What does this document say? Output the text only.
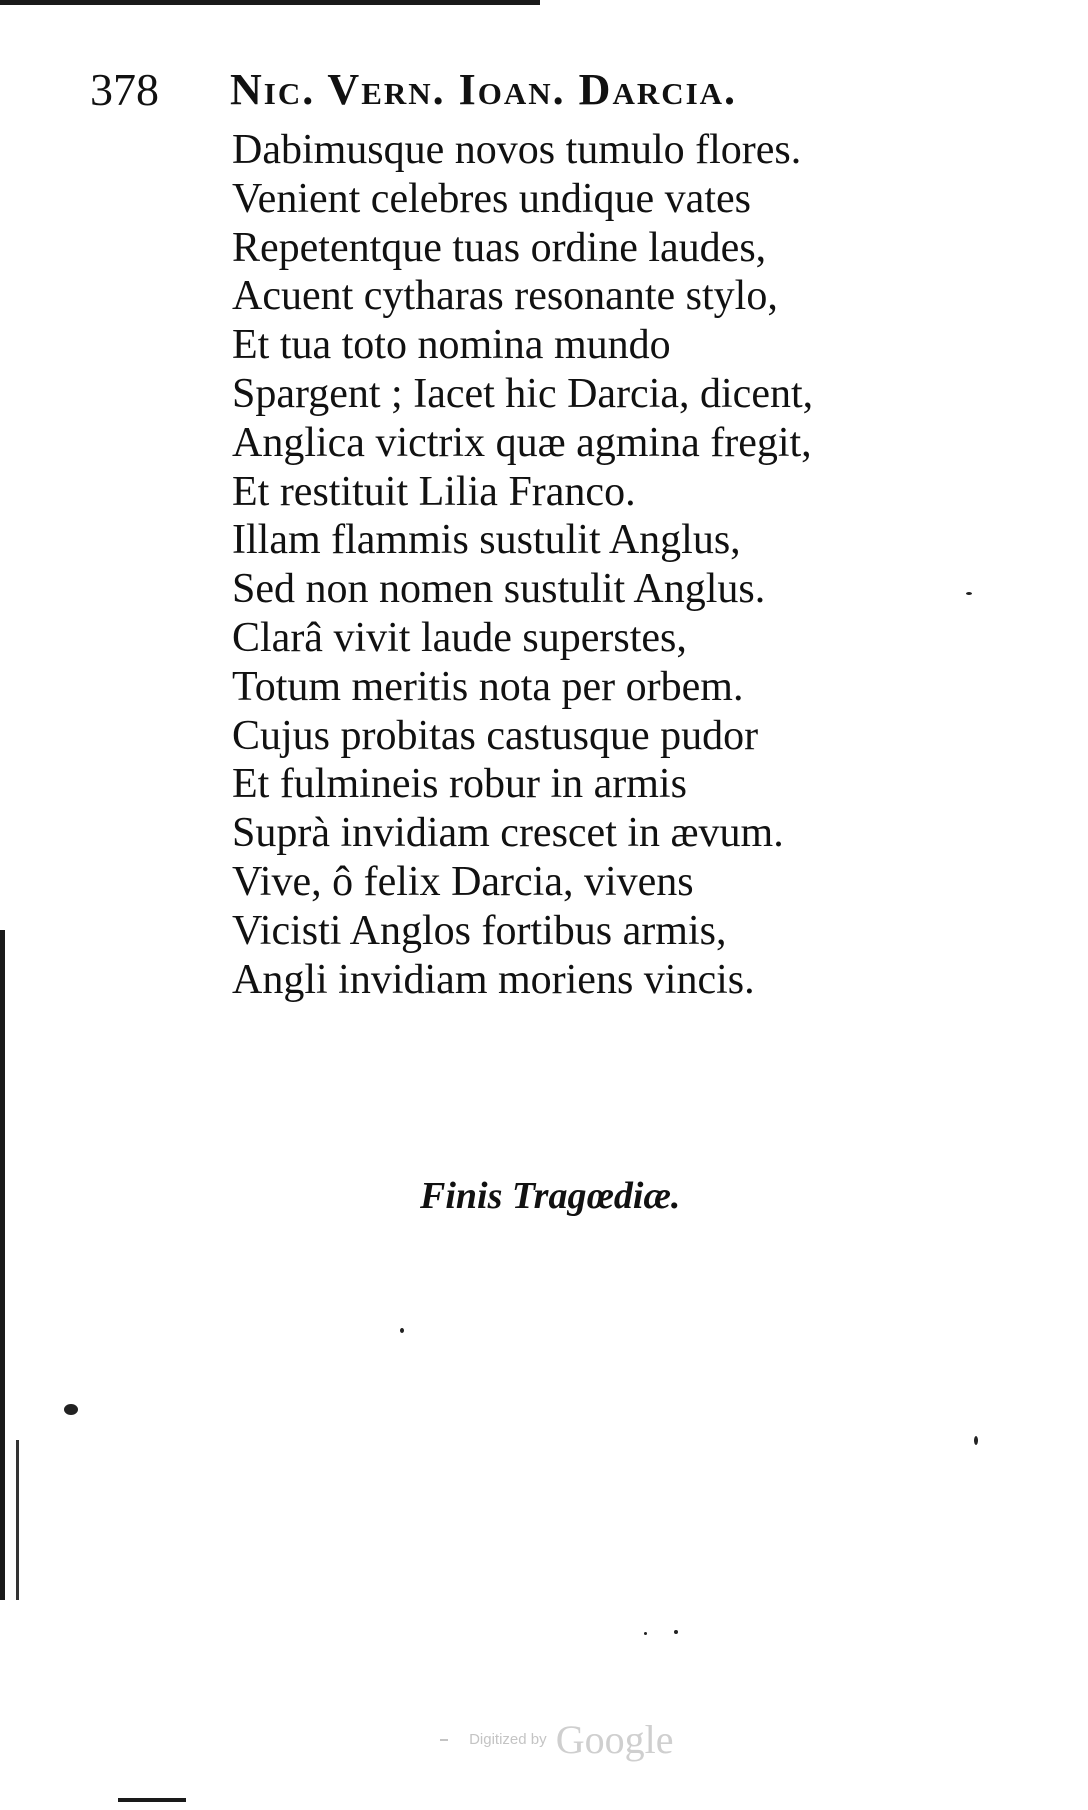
378 Nic. Vern. Ioan. Darcia.
Dabimusque novos tumulo flores.
Venient celebres undique vates
Repetentque tuas ordine laudes,
Acuent cytharas resonante stylo,
Et tua toto nomina mundo
Spargent ; Iacet hic Darcia, dicent,
Anglica victrix quæ agmina fregit,
Et restituit Lilia Franco.
Illam flammis sustulit Anglus,
Sed non nomen sustulit Anglus.
Clarâ vivit laude superstes,
Totum meritis nota per orbem.
Cujus probitas castusque pudor
Et fulmineis robur in armis
Suprà invidiam crescet in ævum.
Vive, ô felix Darcia, vivens
Vicisti Anglos fortibus armis,
Angli invidiam moriens vincis.
Finis Tragœdiæ.
Digitized by Google
